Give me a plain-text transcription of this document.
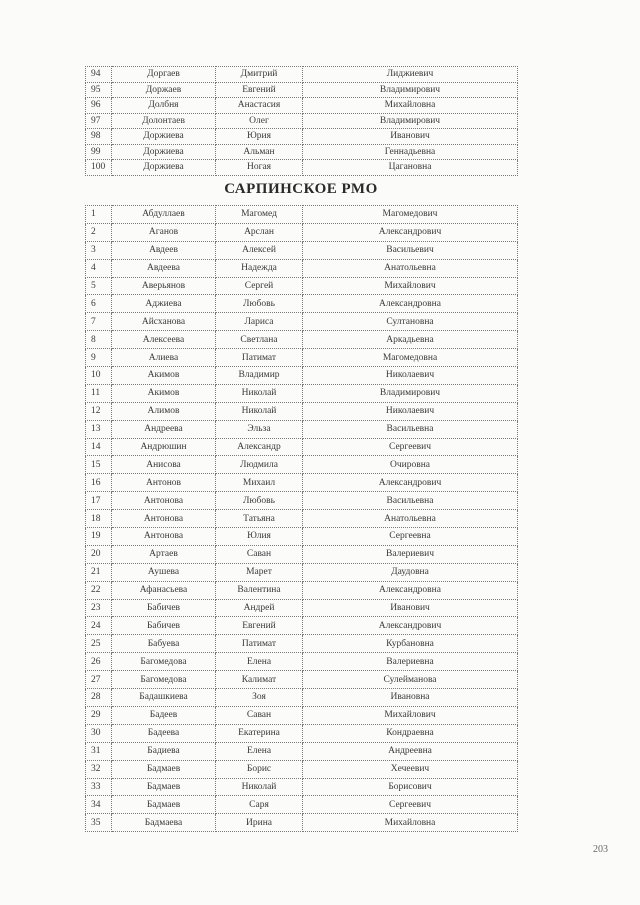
94	Доргаев	Дмитрий	Лиджиевич
95	Доржаев	Евгений	Владимирович
96	Долбня	Анастасия	Михайловна
97	Долонтаев	Олег	Владимирович
98	Доржиева	Юрия	Иванович
99	Доржиева	Альман	Геннадьевна
100	Доржиева	Ногая	Цагановна
САРПИНСКОЕ РМО
1	Абдуллаев	Магомед	Магомедович
2	Аганов	Арслан	Александрович
3	Авдеев	Алексей	Васильевич
4	Авдеева	Надежда	Анатольевна
5	Аверьянов	Сергей	Михайлович
6	Аджиева	Любовь	Александровна
7	Айсханова	Лариса	Султановна
8	Алексеева	Светлана	Аркадьевна
9	Алиева	Патимат	Магомедовна
10	Акимов	Владимир	Николаевич
11	Акимов	Николай	Владимирович
12	Алимов	Николай	Николаевич
13	Андреева	Эльза	Васильевна
14	Андрюшин	Александр	Сергеевич
15	Анисова	Людмила	Очировна
16	Антонов	Михаил	Александрович
17	Антонова	Любовь	Васильевна
18	Антонова	Татьяна	Анатольевна
19	Антонова	Юлия	Сергеевна
20	Артаев	Саван	Валериевич
21	Аушева	Марет	Даудовна
22	Афанасьева	Валентина	Александровна
23	Бабичев	Андрей	Иванович
24	Бабичев	Евгений	Александрович
25	Бабуева	Патимат	Курбановна
26	Багомедова	Елена	Валериевна
27	Багомедова	Калимат	Сулейманова
28	Бадашкиева	Зоя	Ивановна
29	Бадеев	Саван	Михайлович
30	Бадеева	Екатерина	Кондраевна
31	Бадиева	Елена	Андреевна
32	Бадмаев	Борис	Хечеевич
33	Бадмаев	Николай	Борисович
34	Бадмаев	Саря	Сергеевич
35	Бадмаева	Ирина	Михайловна
203
